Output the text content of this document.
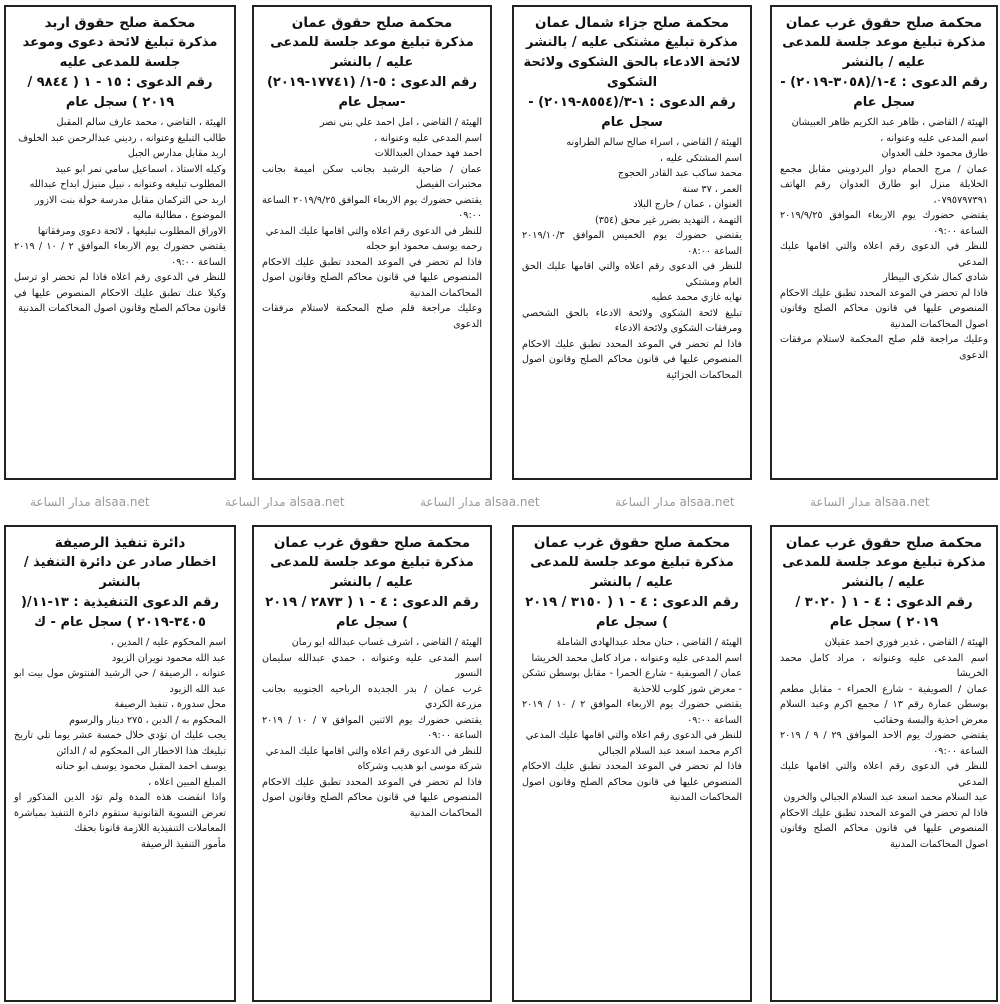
محكمة صلح حقوق غرب عمان
مذكرة تبليغ موعد جلسة للمدعى عليه / بالنشر
رقم الدعوى : ٤-١/(٣٠٥٨-٢٠١٩) - سجل عام

الهيئة / القاضي ، ظاهر عبد الكريم ظاهر العبيشان

اسم المدعى عليه وعنوانه ،

طارق محمود خلف العدوان

عمان / مرج الحمام دوار البردويني مقابل مجمع الخلايلة منزل ابو طارق العدوان رقم الهاتف ٠٧٩٥٧٩٧٣٩١،

يقتضي حضورك يوم الاربعاء الموافق ٢٠١٩/٩/٢٥ الساعة ٠٩:٠٠

للنظر في الدعوى رقم اعلاه والتي اقامها عليك المدعي

شادي كمال شكري البيطار

فاذا لم تحضر في الموعد المحدد تطبق عليك الاحكام المنصوص عليها في قانون محاكم الصلح وقانون اصول المحاكمات المدنية

وعليك مراجعة قلم صلح المحكمة لاستلام مرفقات الدعوى

محكمة صلح جزاء شمال عمان
مذكرة تبليغ مشتكى عليه / بالنشر لائحة الادعاء بالحق الشكوى ولائحة الشكوى
رقم الدعوى : ١-٣/(٨٥٥٤-٢٠١٩) - سجل عام

الهيئة / القاضي ، اسراء صالح سالم الطراونه

اسم المشتكى عليه ،

محمد ساكب عبد القادر الحجوج

العمر ، ٣٧ سنة

العنوان ، عمان / خارج البلاد

التهمة ، التهديد بضرر غير محق (٣٥٤)

يقتضي حضورك يوم الخميس الموافق ٢٠١٩/١٠/٣ الساعة ٠٨:٠٠

للنظر في الدعوى رقم اعلاه والتي اقامها عليك الحق العام ومشتكي

نهايه غازي محمد عطيه

تبليغ لائحة الشكوى ولائحة الادعاء بالحق الشخصي ومرفقات الشكوى ولائحة الادعاء

فاذا لم تحضر في الموعد المحدد تطبق عليك الاحكام المنصوص عليها في قانون محاكم الصلح وقانون اصول المحاكمات الجزائية

محكمة صلح حقوق عمان
مذكرة تبليغ موعد جلسة للمدعى عليه / بالنشر
رقم الدعوى : ٥-١/ (١٧٧٤١-٢٠١٩) -سجل عام

الهيئة / القاضي ، امل احمد علي بني نصر

اسم المدعى عليه وعنوانه ،

احمد فهد حمدان العبداللات

عمان / ضاحية الرشيد بجانب سكن اميمة بجانب مختبرات الفيصل

يقتضي حضورك يوم الاربعاء الموافق ٢٠١٩/٩/٢٥ الساعة ٠٩:٠٠

للنظر في الدعوى رقم اعلاه والتي اقامها عليك المدعي

رحمه يوسف محمود ابو حجله

فاذا لم تحضر في الموعد المحدد تطبق عليك الاحكام المنصوص عليها في قانون محاكم الصلح وقانون اصول المحاكمات المدنية

وعليك مراجعة قلم صلح المحكمة لاستلام مرفقات الدعوى

محكمة صلح حقوق اربد
مذكرة تبليغ لائحة دعوى وموعد جلسة للمدعى عليه
رقم الدعوى : ١٥ - ١ ( ٩٨٤٤ / ٢٠١٩ ) سجل عام

الهيئة ، القاضي ، محمد عارف سالم المقبل

طالب التبليغ وعنوانه ، رديني عبدالرحمن عبد الخلوف

اربد مقابل مدارس الجبل

وكيله الاستاذ ، اسماعيل سامي نمر ابو عبيد

المطلوب تبليغه وعنوانه ، نبيل منيزل ابداح عبدالله

اربد حي التركمان مقابل مدرسة خولة بنت الازور

الموضوع ، مطالبة ماليه

الاوراق المطلوب تبليغها ، لائحة دعوى ومرفقاتها

يقتضي حضورك يوم الاربعاء الموافق ٢ / ١٠ / ٢٠١٩ الساعة ٠٩:٠٠

للنظر في الدعوى رقم اعلاه فاذا لم تحضر او ترسل وكيلا عنك تطبق عليك الاحكام المنصوص عليها في قانون محاكم الصلح وقانون اصول المحاكمات المدنية

محكمة صلح حقوق غرب عمان
مذكرة تبليغ موعد جلسة للمدعى عليه / بالنشر
رقم الدعوى : ٤ - ١ ( ٣٠٢٠ / ٢٠١٩ ) سجل عام

الهيئة / القاضي ، غدير فوزي احمد عقيلان

اسم المدعى عليه وعنوانه ، مراد كامل محمد الخريشا

عمان / الصويفية - شارع الحمراء - مقابل مطعم بوسطن عمارة رقم ١٣ / مجمع اكرم وعبد السلام معرض احذية والبسة وحقائب

يقتضي حضورك يوم الاحد الموافق ٢٩ / ٩ / ٢٠١٩ الساعة ٠٩:٠٠

للنظر في الدعوى رقم اعلاه والتي اقامها عليك المدعي

عبد السلام محمد اسعد عبد السلام الجبالي والخرون

فاذا لم تحضر في الموعد المحدد تطبق عليك الاحكام المنصوص عليها في قانون محاكم الصلح وقانون اصول المحاكمات المدنية

محكمة صلح حقوق غرب عمان
مذكرة تبليغ موعد جلسة للمدعى عليه / بالنشر
رقم الدعوى : ٤ - ١ ( ٣١٥٠ / ٢٠١٩ ) سجل عام

الهيئة / القاضي ، حنان مخلد عبدالهادي الشاملة

اسم المدعى عليه وعنوانه ، مراد كامل محمد الخريشا

عمان / الصويفية - شارع الحمرا - مقابل بوسطن تشكن - معرض شوز كلوب للاحذية

يقتضي حضورك يوم الاربعاء الموافق ٢ / ١٠ / ٢٠١٩ الساعة ٠٩:٠٠

للنظر في الدعوى رقم اعلاه والتي اقامها عليك المدعي

اكرم محمد اسعد عبد السلام الجبالي

فاذا لم تحضر في الموعد المحدد تطبق عليك الاحكام المنصوص عليها في قانون محاكم الصلح وقانون اصول المحاكمات المدنية

محكمة صلح حقوق غرب عمان
مذكرة تبليغ موعد جلسة للمدعى عليه / بالنشر
رقم الدعوى : ٤ - ١ ( ٢٨٧٣ / ٢٠١٩ ) سجل عام

الهيئة / القاضي ، اشرف غساب عبدالله ابو رمان

اسم المدعى عليه وعنوانه ، حمدي عبدالله سليمان النسور

غرب عمان / بدر الجديده الرباحيه الجنوبيه بجانب مزرعة الكردي

يقتضي حضورك يوم الاثنين الموافق ٧ / ١٠ / ٢٠١٩ الساعة ٠٩:٠٠

للنظر في الدعوى رقم اعلاه والتي اقامها عليك المدعي

شركة موسى ابو هديب وشركاه

فاذا لم تحضر في الموعد المحدد تطبق عليك الاحكام المنصوص عليها في قانون محاكم الصلح وقانون اصول المحاكمات المدنية

دائرة تنفيذ الرصيفة
اخطار صادر عن دائرة التنفيذ / بالنشر
رقم الدعوى التنفيذية : ١٣-١١/( ٣٤٠٥-٢٠١٩ ) سجل عام - ك

اسم المحكوم عليه / المدين ،

عبد الله محمود نويران الزيود

عنوانه ، الرصيفة / حي الرشيد الفنتوش مول بيت ابو عبد الله الزيود

محل سدورة ، تنفيذ الرصيفة

المحكوم به / الدين ، ٢٧٥ دينار والرسوم

يجب عليك ان تؤدي خلال خمسة عشر يوما تلي تاريخ تبليغك هذا الاخطار الى المحكوم له / الدائن

يوسف احمد المقبل محمود يوسف ابو حنانه

المبلغ المبين اعلاه ،

واذا انقضت هذه المدة ولم تؤد الدين المذكور او تعرض التسوية القانونية ستقوم دائرة التنفيذ بمباشرة المعاملات التنفيذية اللازمة قانونا بحقك

مأمور التنفيذ الرصيفة

مدار الساعة alsaa.net	مدار الساعة alsaa.net	مدار الساعة alsaa.net	مدار الساعة alsaa.net	مدار الساعة alsaa.net
